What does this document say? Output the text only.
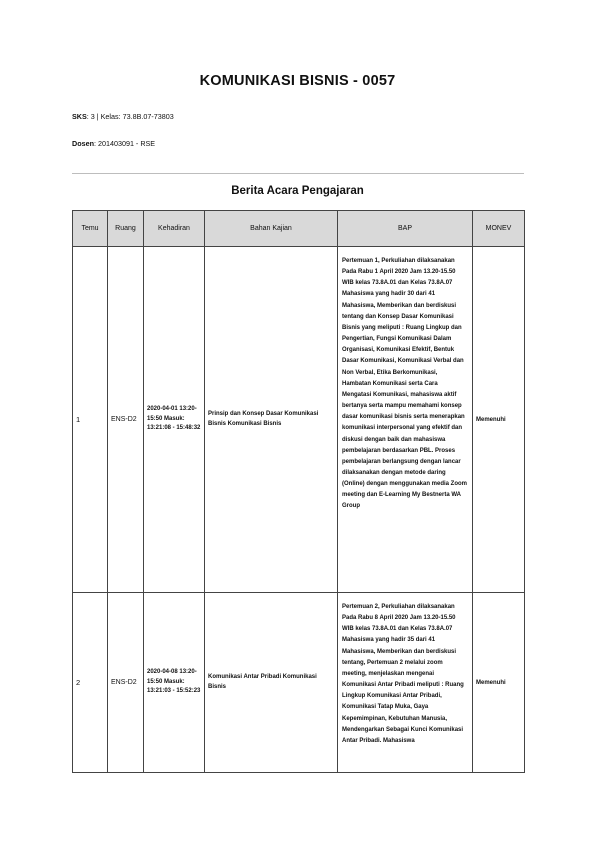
KOMUNIKASI BISNIS - 0057
SKS: 3 | Kelas: 73.8B.07-73803
Dosen: 201403091 - RSE
Berita Acara Pengajaran
Temu	Ruang	Kehadiran	Bahan Kajian	BAP	MONEV
1	ENS-D2	2020-04-01 13:20-15:50 Masuk: 13:21:08 - 15:48:32	Prinsip dan Konsep Dasar Komunikasi Bisnis Komunikasi Bisnis	Pertemuan 1, Perkuliahan dilaksanakan Pada Rabu 1 April 2020 Jam 13.20-15.50 WIB kelas 73.8A.01 dan Kelas 73.8A.07 Mahasiswa yang hadir 30 dari 41 Mahasiswa, Memberikan dan berdiskusi tentang dan Konsep Dasar Komunikasi Bisnis yang meliputi : Ruang Lingkup dan Pengertian, Fungsi Komunikasi Dalam Organisasi, Komunikasi Efektif, Bentuk Dasar Komunikasi, Komunikasi Verbal dan Non Verbal, Etika Berkomunikasi, Hambatan Komunikasi serta Cara Mengatasi Komunikasi, mahasiswa aktif bertanya serta mampu memahami konsep dasar komunikasi bisnis serta menerapkan komunikasi interpersonal yang efektif dan diskusi dengan baik dan mahasiswa pembelajaran berdasarkan PBL. Proses pembelajaran berlangsung dengan lancar dilaksanakan dengan metode daring (Online) dengan menggunakan media Zoom meeting dan E-Learning My Bestnerta WA Group	Memenuhi
2	ENS-D2	2020-04-08 13:20-15:50 Masuk: 13:21:03 - 15:52:23	Komunikasi Antar Pribadi Komunikasi Bisnis	Pertemuan 2, Perkuliahan dilaksanakan Pada Rabu 8 April 2020 Jam 13.20-15.50 WIB kelas 73.8A.01 dan Kelas 73.8A.07 Mahasiswa yang hadir 35 dari 41 Mahasiswa, Memberikan dan berdiskusi tentang, Pertemuan 2 melalui zoom meeting, menjelaskan mengenai Komunikasi Antar Pribadi meliputi : Ruang Lingkup Komunikasi Antar Pribadi, Komunikasi Tatap Muka, Gaya Kepemimpinan, Kebutuhan Manusia, Mendengarkan Sebagai Kunci Komunikasi Antar Pribadi. Mahasiswa	Memenuhi
